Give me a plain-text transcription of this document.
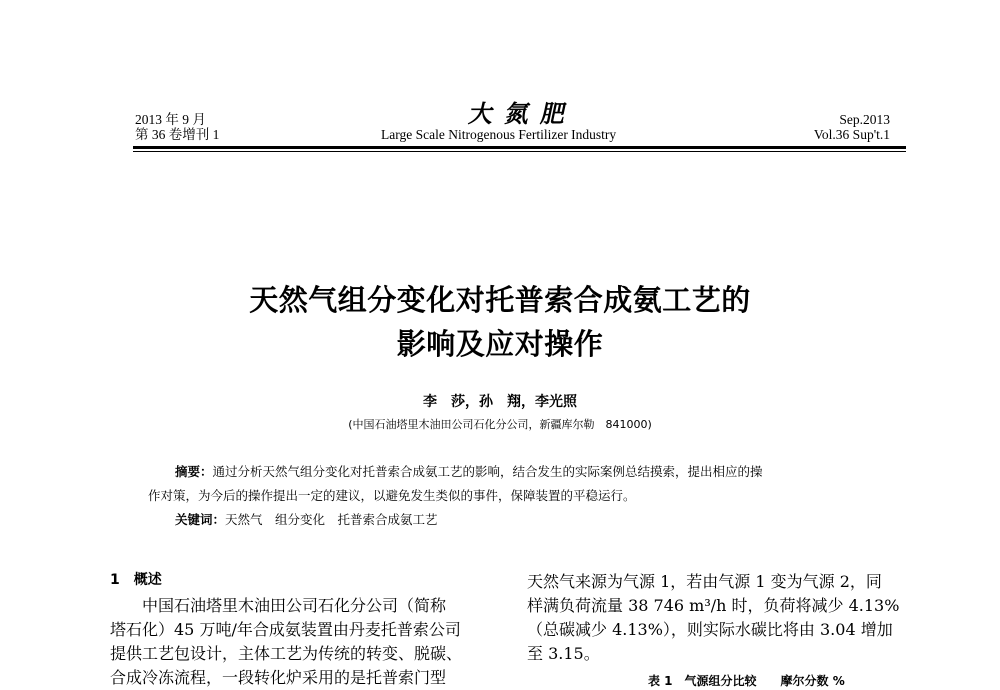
2013 年 9 月
第 36 卷增刊 1
大氮肥
Large Scale Nitrogenous Fertilizer Industry
Sep.2013
Vol.36 Sup't.1
天然气组分变化对托普索合成氨工艺的
影响及应对操作
李　莎，孙　翔，李光照
(中国石油塔里木油田公司石化分公司，新疆库尔勒　841000)
摘要：通过分析天然气组分变化对托普索合成氨工艺的影响，结合发生的实际案例总结摸索，提出相应的操
作对策，为今后的操作提出一定的建议，以避免发生类似的事件，保障装置的平稳运行。
关键词：天然气　组分变化　托普索合成氨工艺
1 概述
　　中国石油塔里木油田公司石化分公司（简称
塔石化）45 万吨/年合成氨装置由丹麦托普索公司
提供工艺包设计，主体工艺为传统的转变、脱碳、
合成冷冻流程，一段转化炉采用的是托普索门型
天然气来源为气源 1，若由气源 1 变为气源 2，同
样满负荷流量 38 746 m³/h 时，负荷将减少 4.13%
（总碳减少 4.13%），则实际水碳比将由 3.04 增加
至 3.15。
表 1　气源组分比较　　摩尔分数 %
